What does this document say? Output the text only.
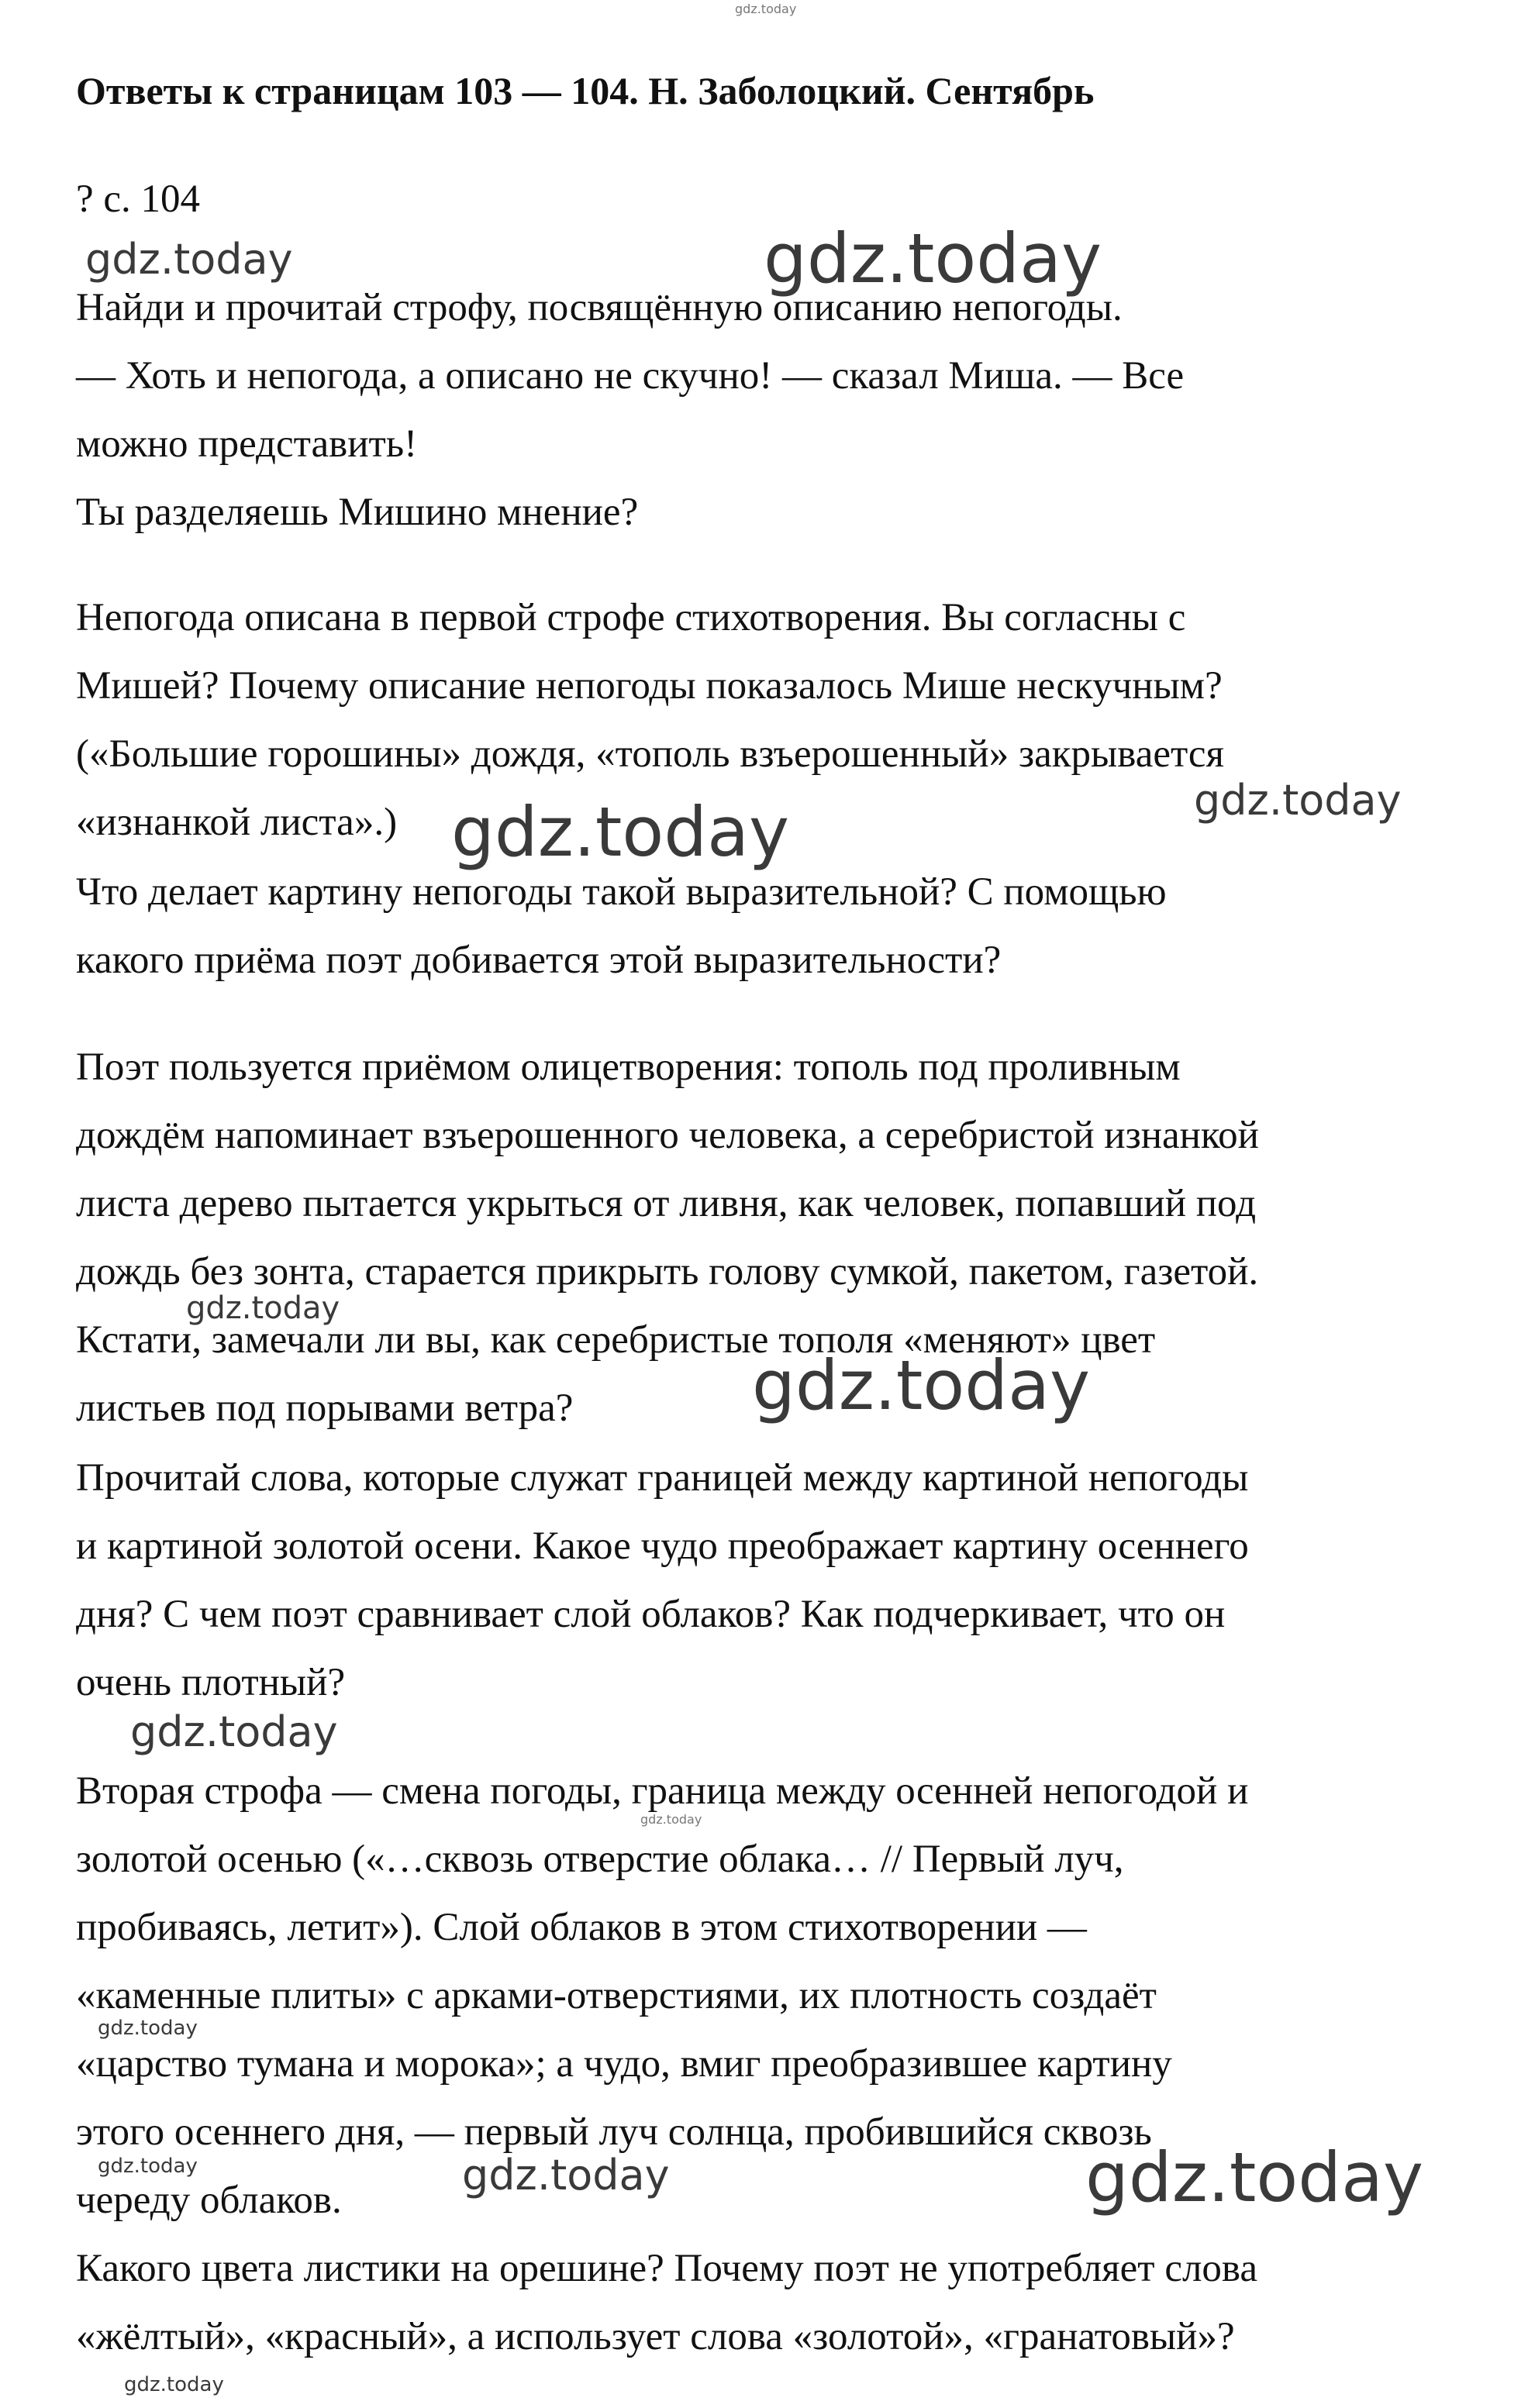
Ответы к страницам 103 — 104. Н. Заболоцкий. Сентябрь

? с. 104

Найди и прочитай строфу, посвящённую описанию непогоды.

— Хоть и непогода, а описано не скучно! — сказал Миша. — Все

можно представить!

Ты разделяешь Мишино мнение?

Непогода описана в первой строфе стихотворения. Вы согласны с

Мишей? Почему описание непогоды показалось Мише нескучным?

(«Большие горошины» дождя, «тополь взъерошенный» закрывается

«изнанкой листа».)

Что делает картину непогоды такой выразительной? С помощью

какого приёма поэт добивается этой выразительности?

Поэт пользуется приёмом олицетворения: тополь под проливным

дождём напоминает взъерошенного человека, а серебристой изнанкой

листа дерево пытается укрыться от ливня, как человек, попавший под

дождь без зонта, старается прикрыть голову сумкой, пакетом, газетой.

Кстати, замечали ли вы, как серебристые тополя «меняют» цвет

листьев под порывами ветра?

Прочитай слова, которые служат границей между картиной непогоды

и картиной золотой осени. Какое чудо преображает картину осеннего

дня? С чем поэт сравнивает слой облаков? Как подчеркивает, что он

очень плотный?

Вторая строфа — смена погоды, граница между осенней непогодой и

золотой осенью («…сквозь отверстие облака… // Первый луч,

пробиваясь, летит»). Слой облаков в этом стихотворении —

«каменные плиты» с арками-отверстиями, их плотность создаёт

«царство тумана и морока»; а чудо, вмиг преобразившее картину

этого осеннего дня, — первый луч солнца, пробившийся сквозь

череду облаков.

Какого цвета листики на орешине? Почему поэт не употребляет слова

«жёлтый», «красный», а использует слова «золотой», «гранатовый»?

gdz.today
gdz.today	gdz.today
gdz.today
gdz.today
gdz.today
gdz.today
gdz.today
gdz.today
gdz.today
gdz.today	gdz.today	gdz.today
gdz.today
